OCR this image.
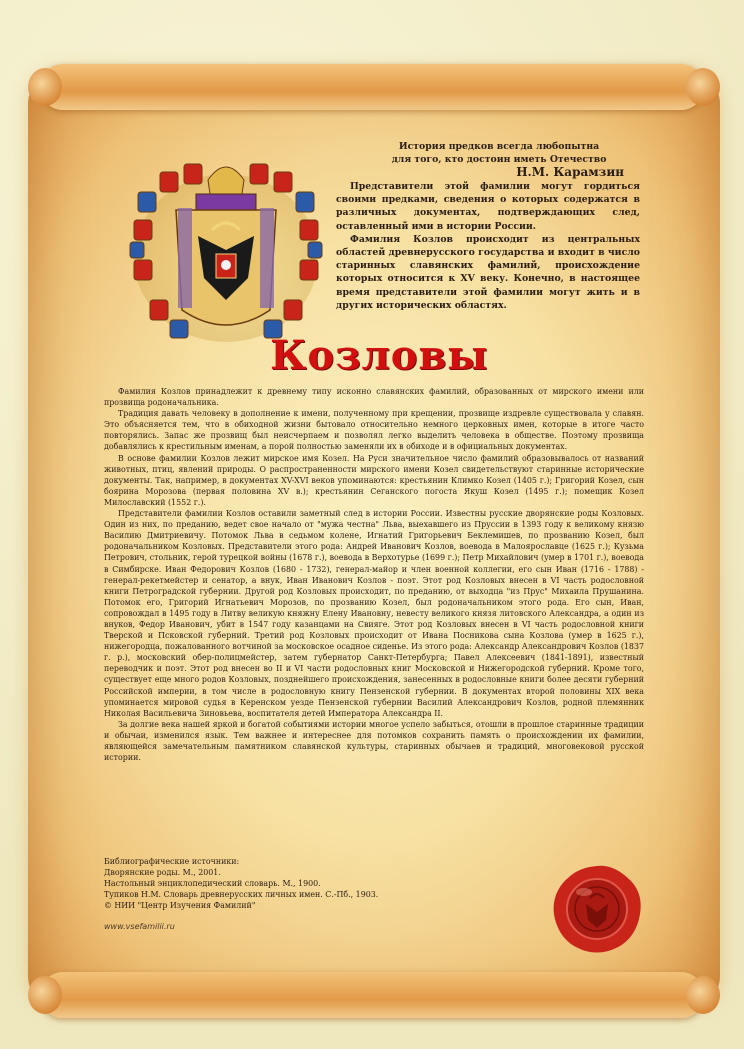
История предков всегда любопытна
для того, кто достоин иметь Отечество
Н.М. Карамзин

Представители этой фамилии могут гордиться своими предками, сведения о которых содержатся в различных документах, подтверждающих след, оставленный ими в истории России.

Фамилия Козлов происходит из центральных областей древнерусского государства и входит в число старинных славянских фамилий, происхождение которых относится к XV веку. Конечно, в настоящее время представители этой фамилии могут жить и в других исторических областях.

Козловы

Фамилия Козлов принадлежит к древнему типу исконно славянских фамилий, образованных от мирского имени или прозвища родоначальника.

Традиция давать человеку в дополнение к имени, полученному при крещении, прозвище издревле существовала у славян. Это объясняется тем, что в обиходной жизни бытовало относительно немного церковных имен, которые в итоге часто повторялись. Запас же прозвищ был неисчерпаем и позволял легко выделить человека в обществе. Поэтому прозвища добавлялись к крестильным именам, а порой полностью заменяли их в обиходе и в официальных документах.

В основе фамилии Козлов лежит мирское имя Козел. На Руси значительное число фамилий образовывалось от названий животных, птиц, явлений природы. О распространенности мирского имени Козел свидетельствуют старинные исторические документы. Так, например, в документах XV-XVI веков упоминаются: крестьянин Климко Козел (1405 г.); Григорий Козел, сын боярина Морозова (первая половина XV в.); крестьянин Сеганского погоста Якуш Козел (1495 г.); помещик Козел Милославский (1552 г.).

Представители фамилии Козлов оставили заметный след в истории России. Известны русские дворянские роды Козловых. Один из них, по преданию, ведет свое начало от "мужа честна" Льва, выехавшего из Пруссии в 1393 году к великому князю Василию Дмитриевичу. Потомок Льва в седьмом колене, Игнатий Григорьевич Беклемишев, по прозванию Козел, был родоначальником Козловых. Представители этого рода: Андрей Иванович Козлов, воевода в Малоярославце (1625 г.); Кузьма Петрович, стольник, герой турецкой войны (1678 г.), воевода в Верхотурье (1699 г.); Петр Михайлович (умер в 1701 г.), воевода в Симбирске. Иван Федорович Козлов (1680 - 1732), генерал-майор и член военной коллегии, его сын Иван (1716 - 1788) - генерал-рекетмейстер и сенатор, а внук, Иван Иванович Козлов - поэт. Этот род Козловых внесен в VI часть родословной книги Петроградской губернии. Другой род Козловых происходит, по преданию, от выходца "из Прус" Михаила Прушанина. Потомок его, Григорий Игнатьевич Морозов, по прозванию Козел, был родоначальником этого рода. Его сын, Иван, сопровождал в 1495 году в Литву великую княжну Елену Ивановну, невесту великого князя литовского Александра, а один из внуков, Федор Иванович, убит в 1547 году казанцами на Свияге. Этот род Козловых внесен в VI часть родословной книги Тверской и Псковской губерний. Третий род Козловых происходит от Ивана Посникова сына Козлова (умер в 1625 г.), нижегородца, пожалованного вотчиной за московское осадное сиденье. Из этого рода: Александр Александрович Козлов (1837 г. р.), московский обер-полицмейстер, затем губернатор Санкт-Петербурга; Павел Алексеевич (1841-1891), известный переводчик и поэт. Этот род внесен во II и VI части родословных книг Московской и Нижегородской губерний. Кроме того, существует еще много родов Козловых, позднейшего происхождения, занесенных в родословные книги более десяти губерний Российской империи, в том числе в родословную книгу Пензенской губернии. В документах второй половины XIX века упоминается мировой судья в Керенском уезде Пензенской губернии Василий Александрович Козлов, родной племянник Николая Васильевича Зиновьева, воспитателя детей Императора Александра II.

За долгие века нашей яркой и богатой событиями истории многое успело забыться, отошли в прошлое старинные традиции и обычаи, изменился язык. Тем важнее и интереснее для потомков сохранить память о происхождении их фамилии, являющейся замечательным памятником славянской культуры, старинных обычаев и традиций, многовековой русской истории.

Библиографические источники:
Дворянские роды. М., 2001.
Настольный энциклопедический словарь. М., 1900.
Тупиков Н.М. Словарь древнерусских личных имен. С.-Пб., 1903.
© НИИ "Центр Изучения Фамилий"
www.vsefamilii.ru
